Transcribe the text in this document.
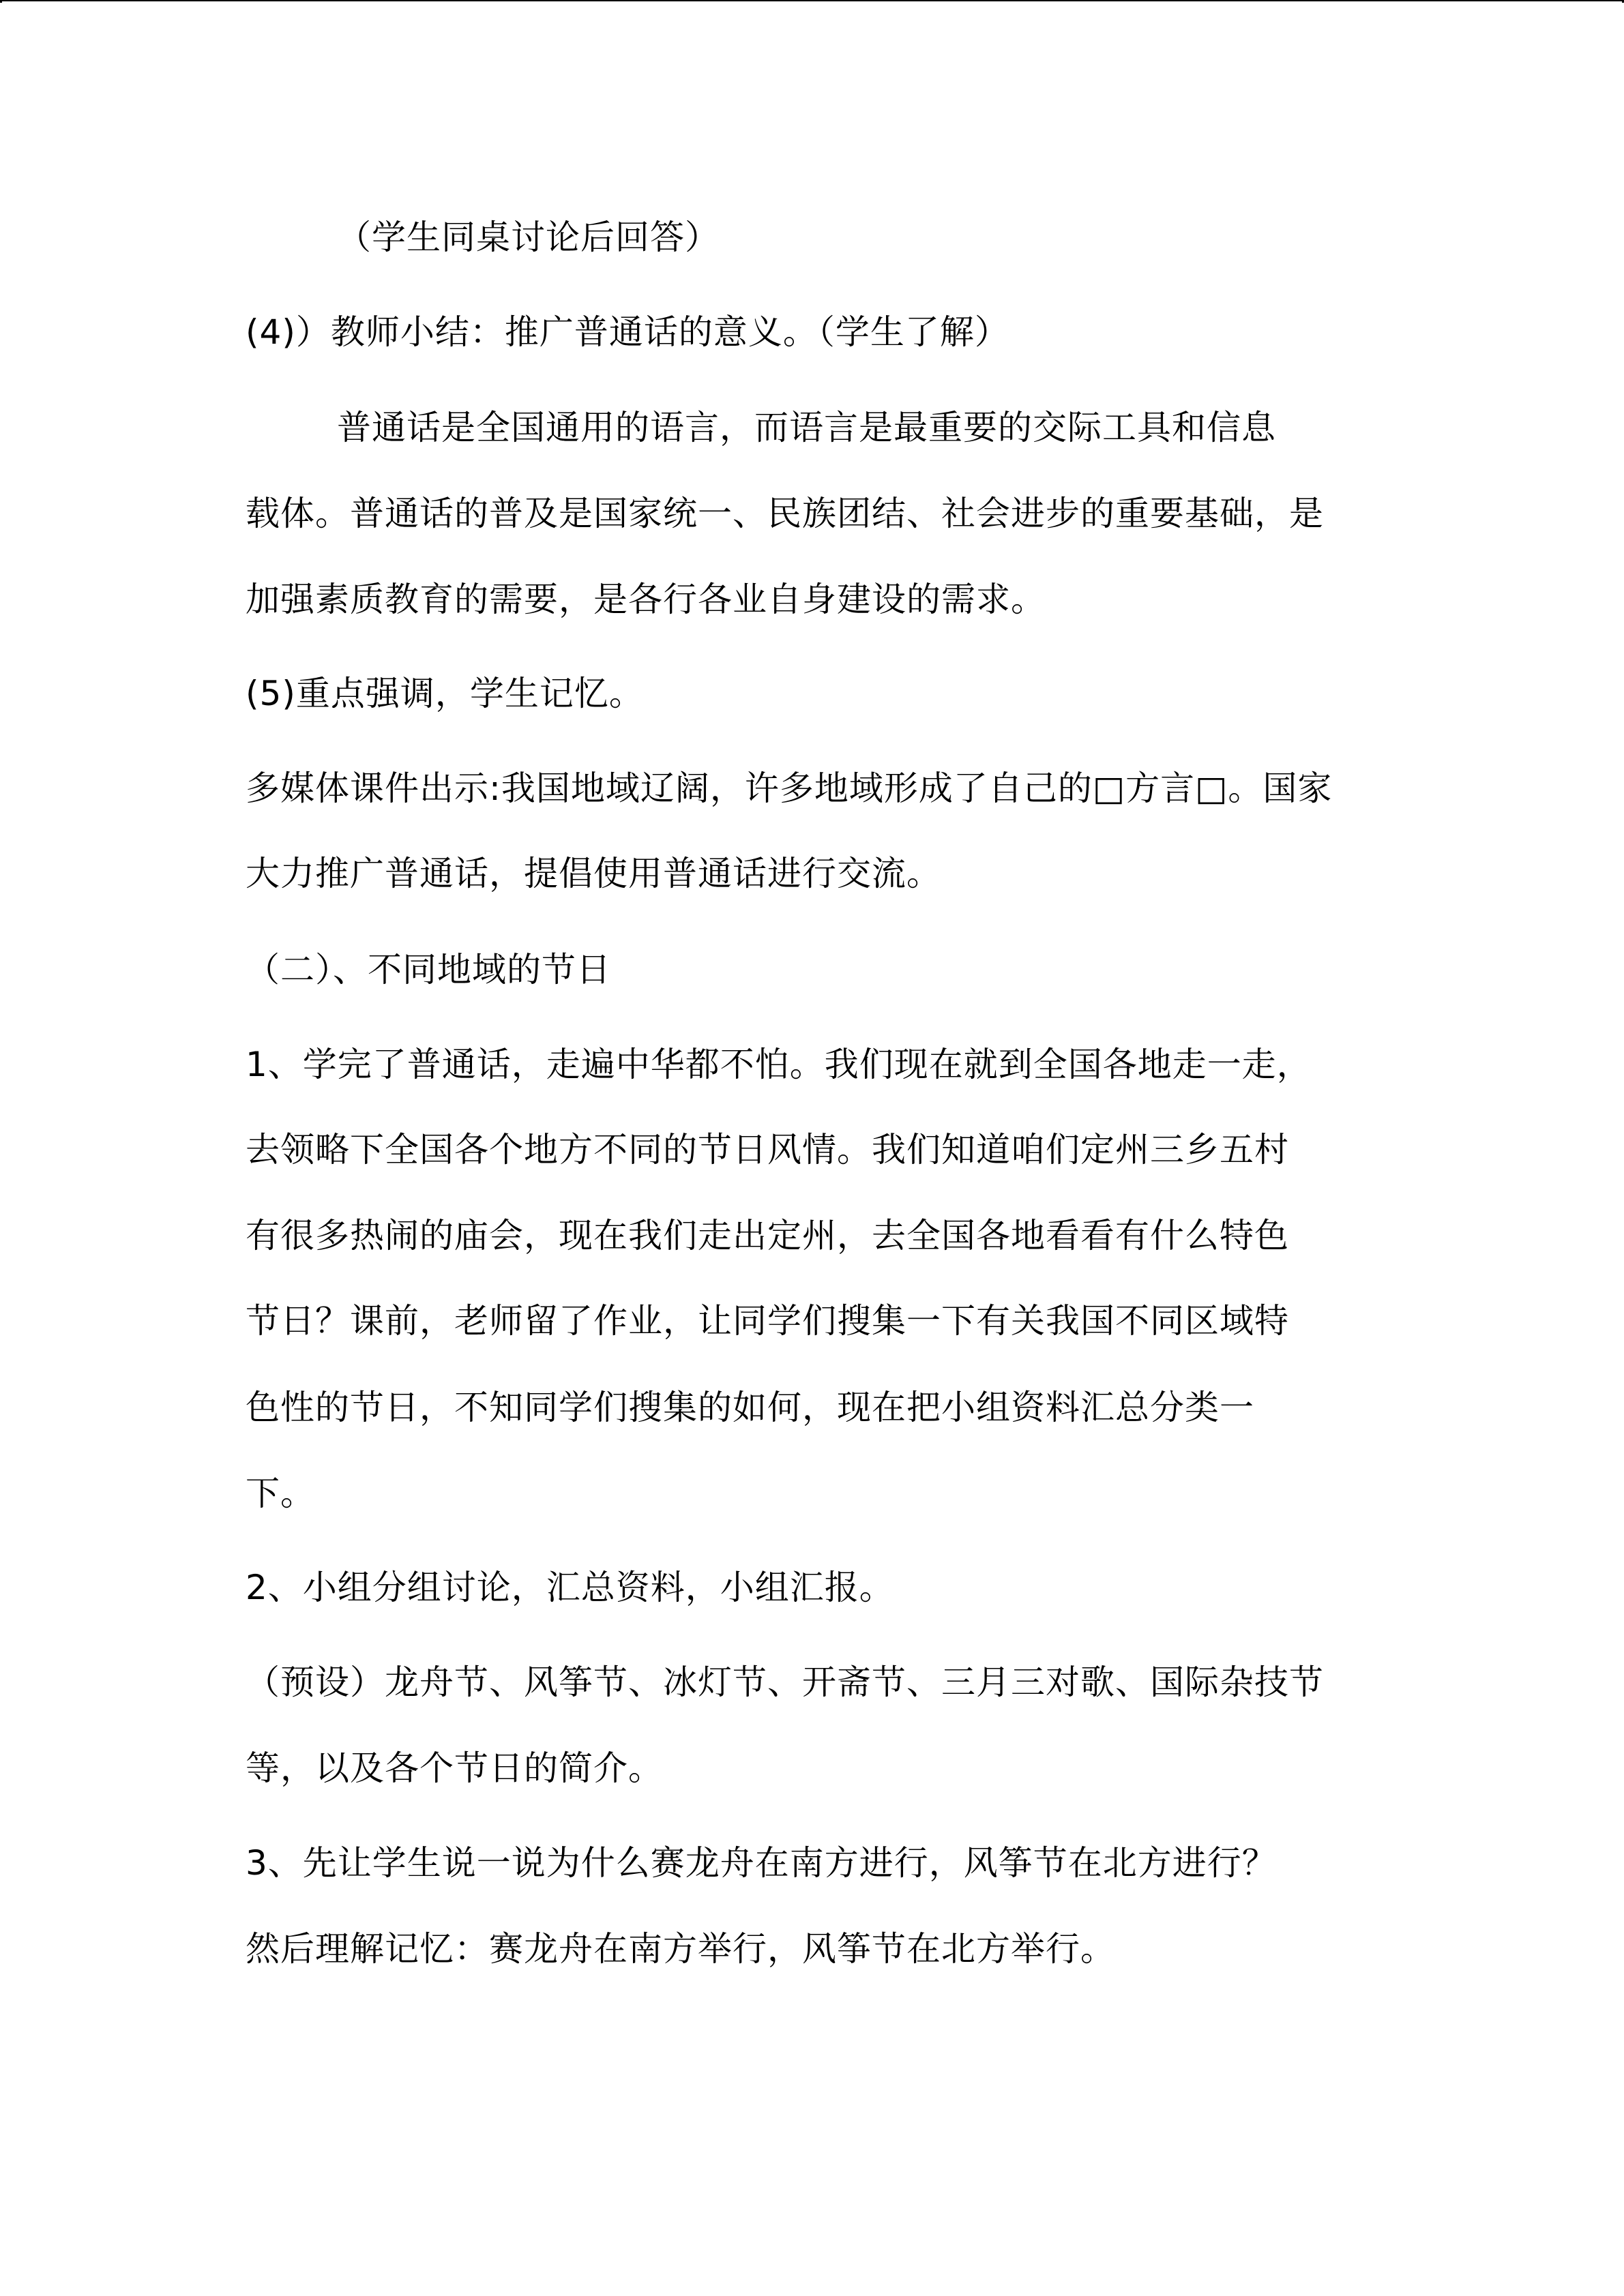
（学生同桌讨论后回答）

(4)）教师小结：推广普通话的意义。（学生了解）

普通话是全国通用的语言，而语言是最重要的交际工具和信息

载体。普通话的普及是国家统一、民族团结、社会进步的重要基础，是

加强素质教育的需要，是各行各业自身建设的需求。

(5)重点强调，学生记忆。

多媒体课件出示:我国地域辽阔，许多地域形成了自己的□方言□。国家

大力推广普通话，提倡使用普通话进行交流。

（二）、不同地域的节日

1、学完了普通话，走遍中华都不怕。我们现在就到全国各地走一走，

去领略下全国各个地方不同的节日风情。我们知道咱们定州三乡五村

有很多热闹的庙会，现在我们走出定州，去全国各地看看有什么特色

节日？课前，老师留了作业，让同学们搜集一下有关我国不同区域特

色性的节日，不知同学们搜集的如何，现在把小组资料汇总分类一

下。

2、小组分组讨论，汇总资料，小组汇报。

（预设）龙舟节、风筝节、冰灯节、开斋节、三月三对歌、国际杂技节

等，以及各个节日的简介。

3、先让学生说一说为什么赛龙舟在南方进行，风筝节在北方进行？

然后理解记忆：赛龙舟在南方举行，风筝节在北方举行。
